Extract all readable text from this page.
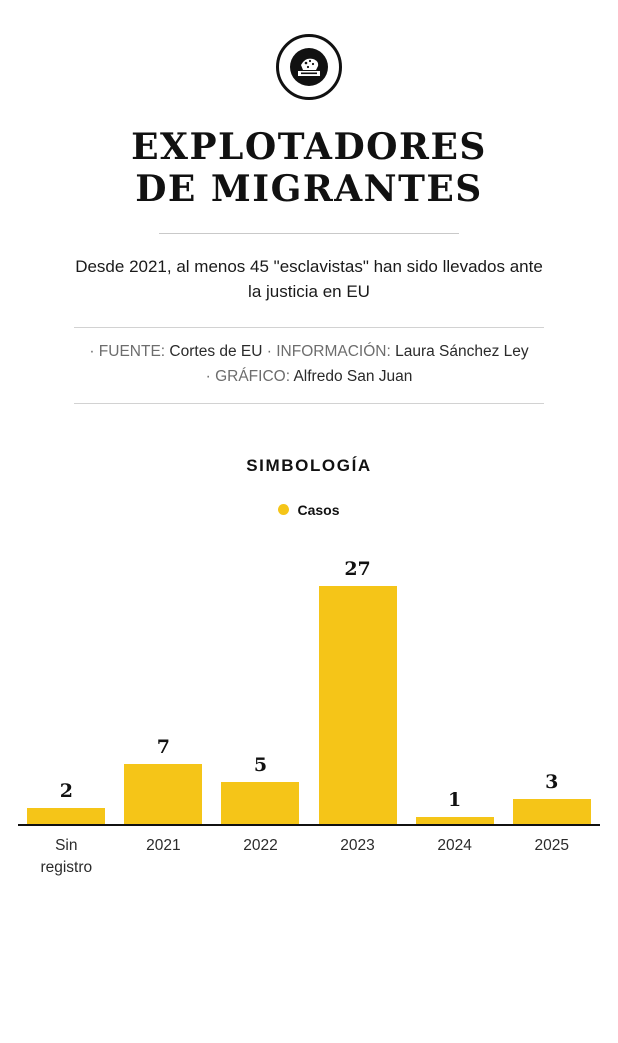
EXPLOTADORES
DE MIGRANTES
Desde 2021, al menos 45 "esclavistas" han sido llevados ante la justicia en EU
· FUENTE: Cortes de EU · INFORMACIÓN: Laura Sánchez Ley
· GRÁFICO: Alfredo San Juan
SIMBOLOGÍA
Casos
2
7
5
27
1
3
Sin
registro
2021	2022	2023	2024	2025
